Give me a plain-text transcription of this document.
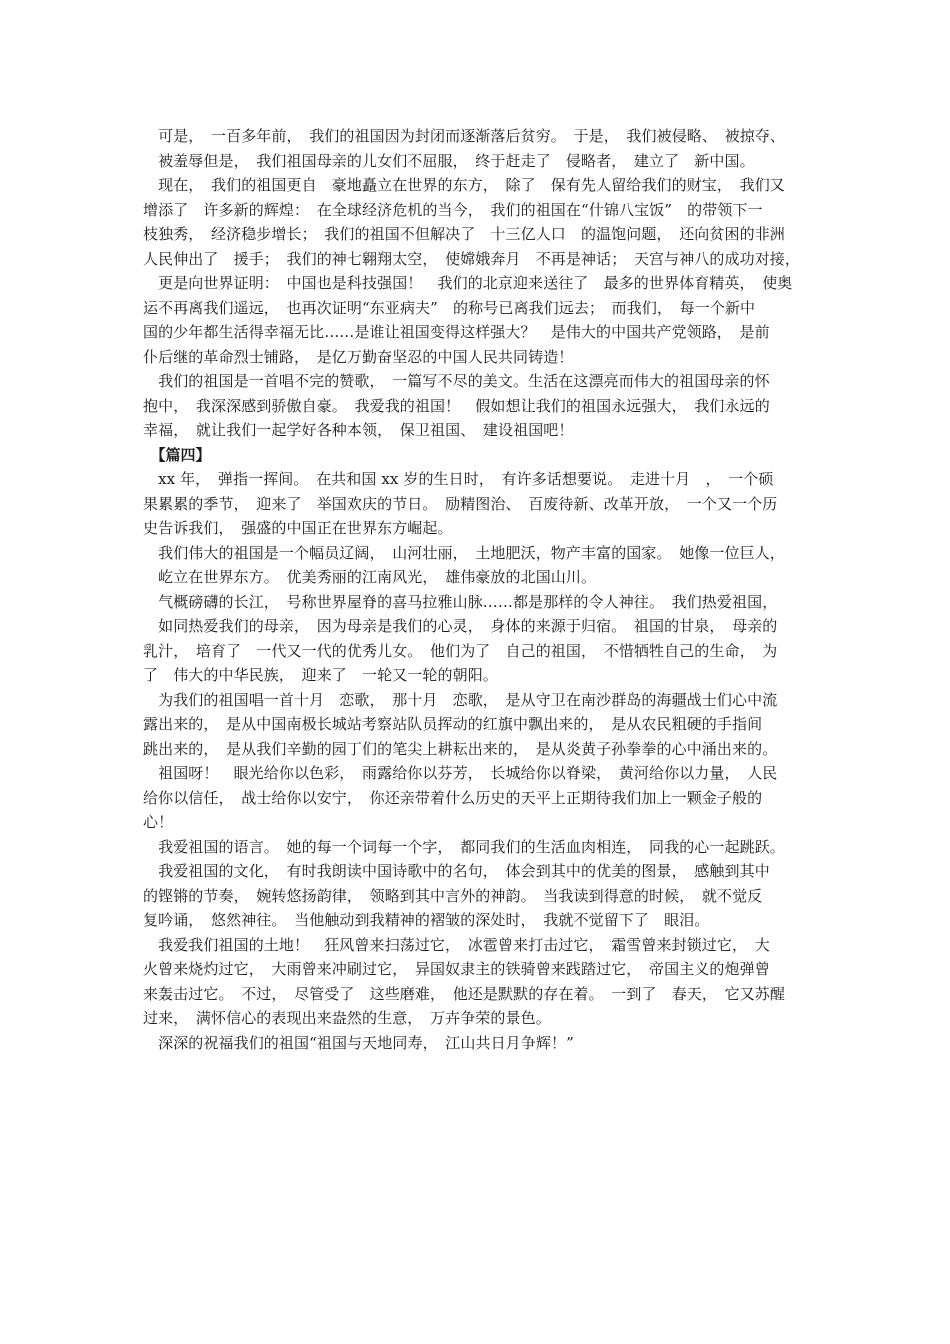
　可是，　一百多年前，　我们的祖国因为封闭而逐渐落后贫穷。　于是，　我们被侵略、　被掠夺、
　被羞辱但是，　我们祖国母亲的儿女们不屈服，　终于赶走了　侵略者，　建立了　新中国。
　现在，　我们的祖国更自　豪地矗立在世界的东方，　除了　保有先人留给我们的财宝，　我们又
增添了　许多新的辉煌：　在全球经济危机的当今，　我们的祖国在“什锦八宝饭”　的带领下一
枝独秀，　经济稳步增长；　我们的祖国不但解决了　十三亿人口　的温饱问题，　还向贫困的非洲
人民伸出了　援手；　我们的神七翱翔太空，　使嫦娥奔月　不再是神话；　天宫与神八的成功对接，
　更是向世界证明：　中国也是科技强国！　我们的北京迎来送往了　最多的世界体育精英，　使奥
运不再离我们遥远，　也再次证明“东亚病夫”　的称号已离我们远去；　而我们，　每一个新中
国的少年都生活得幸福无比……是谁让祖国变得这样强大？　是伟大的中国共产党领路，　是前
仆后继的革命烈士铺路，　是亿万勤奋坚忍的中国人民共同铸造！
　我们的祖国是一首唱不完的赞歌，　一篇写不尽的美文。生活在这漂亮而伟大的祖国母亲的怀
抱中，　我深深感到骄傲自豪。　我爱我的祖国！　假如想让我们的祖国永远强大，　我们永远的
幸福，　就让我们一起学好各种本领，　保卫祖国、　建设祖国吧！
　【篇四】
　xx 年，　弹指一挥间。　在共和国 xx 岁的生日时，　有许多话想要说。　走进十月　，　一个硕
果累累的季节，　迎来了　举国欢庆的节日。　励精图治、　百废待新、改革开放，　一个又一个历
史告诉我们，　强盛的中国正在世界东方崛起。
　我们伟大的祖国是一个幅员辽阔，　山河壮丽，　土地肥沃，物产丰富的国家。　她像一位巨人，
　屹立在世界东方。　优美秀丽的江南风光，　雄伟豪放的北国山川。
　气概磅礴的长江，　号称世界屋脊的喜马拉雅山脉……都是那样的令人神往。　我们热爱祖国，
　如同热爱我们的母亲，　因为母亲是我们的心灵，　身体的来源于归宿。　祖国的甘泉，　母亲的
乳汁，　培育了　一代又一代的优秀儿女。　他们为了　自己的祖国，　不惜牺牲自己的生命，　为
了　伟大的中华民族，　迎来了　一轮又一轮的朝阳。
　为我们的祖国唱一首十月　恋歌，　那十月　恋歌，　是从守卫在南沙群岛的海疆战士们心中流
露出来的，　是从中国南极长城站考察站队员挥动的红旗中飘出来的，　是从农民粗硬的手指间
跳出来的，　是从我们辛勤的园丁们的笔尖上耕耘出来的，　是从炎黄子孙拳拳的心中涌出来的。
　祖国呀！　眼光给你以色彩，　雨露给你以芬芳，　长城给你以脊梁，　黄河给你以力量，　人民
给你以信任，　战士给你以安宁，　你还亲带着什么历史的天平上正期待我们加上一颗金子般的
心！
　我爱祖国的语言。　她的每一个词每一个字，　都同我们的生活血肉相连，　同我的心一起跳跃。
　我爱祖国的文化，　有时我朗读中国诗歌中的名句，　体会到其中的优美的图景，　感触到其中
的铿锵的节奏，　婉转悠扬韵律，　领略到其中言外的神韵。　当我读到得意的时候，　就不觉反
复吟诵，　悠然神往。　当他触动到我精神的褶皱的深处时，　我就不觉留下了　眼泪。
　我爱我们祖国的土地！　狂风曾来扫荡过它，　冰雹曾来打击过它，　霜雪曾来封锁过它，　大
火曾来烧灼过它，　大雨曾来冲刷过它，　异国奴隶主的铁骑曾来践踏过它，　帝国主义的炮弹曾
来轰击过它。　不过，　尽管受了　这些磨难，　他还是默默的存在着。　一到了　春天，　它又苏醒
过来，　满怀信心的表现出来盎然的生意，　万卉争荣的景色。
　深深的祝福我们的祖国“祖国与天地同寿，　江山共日月争辉！”
